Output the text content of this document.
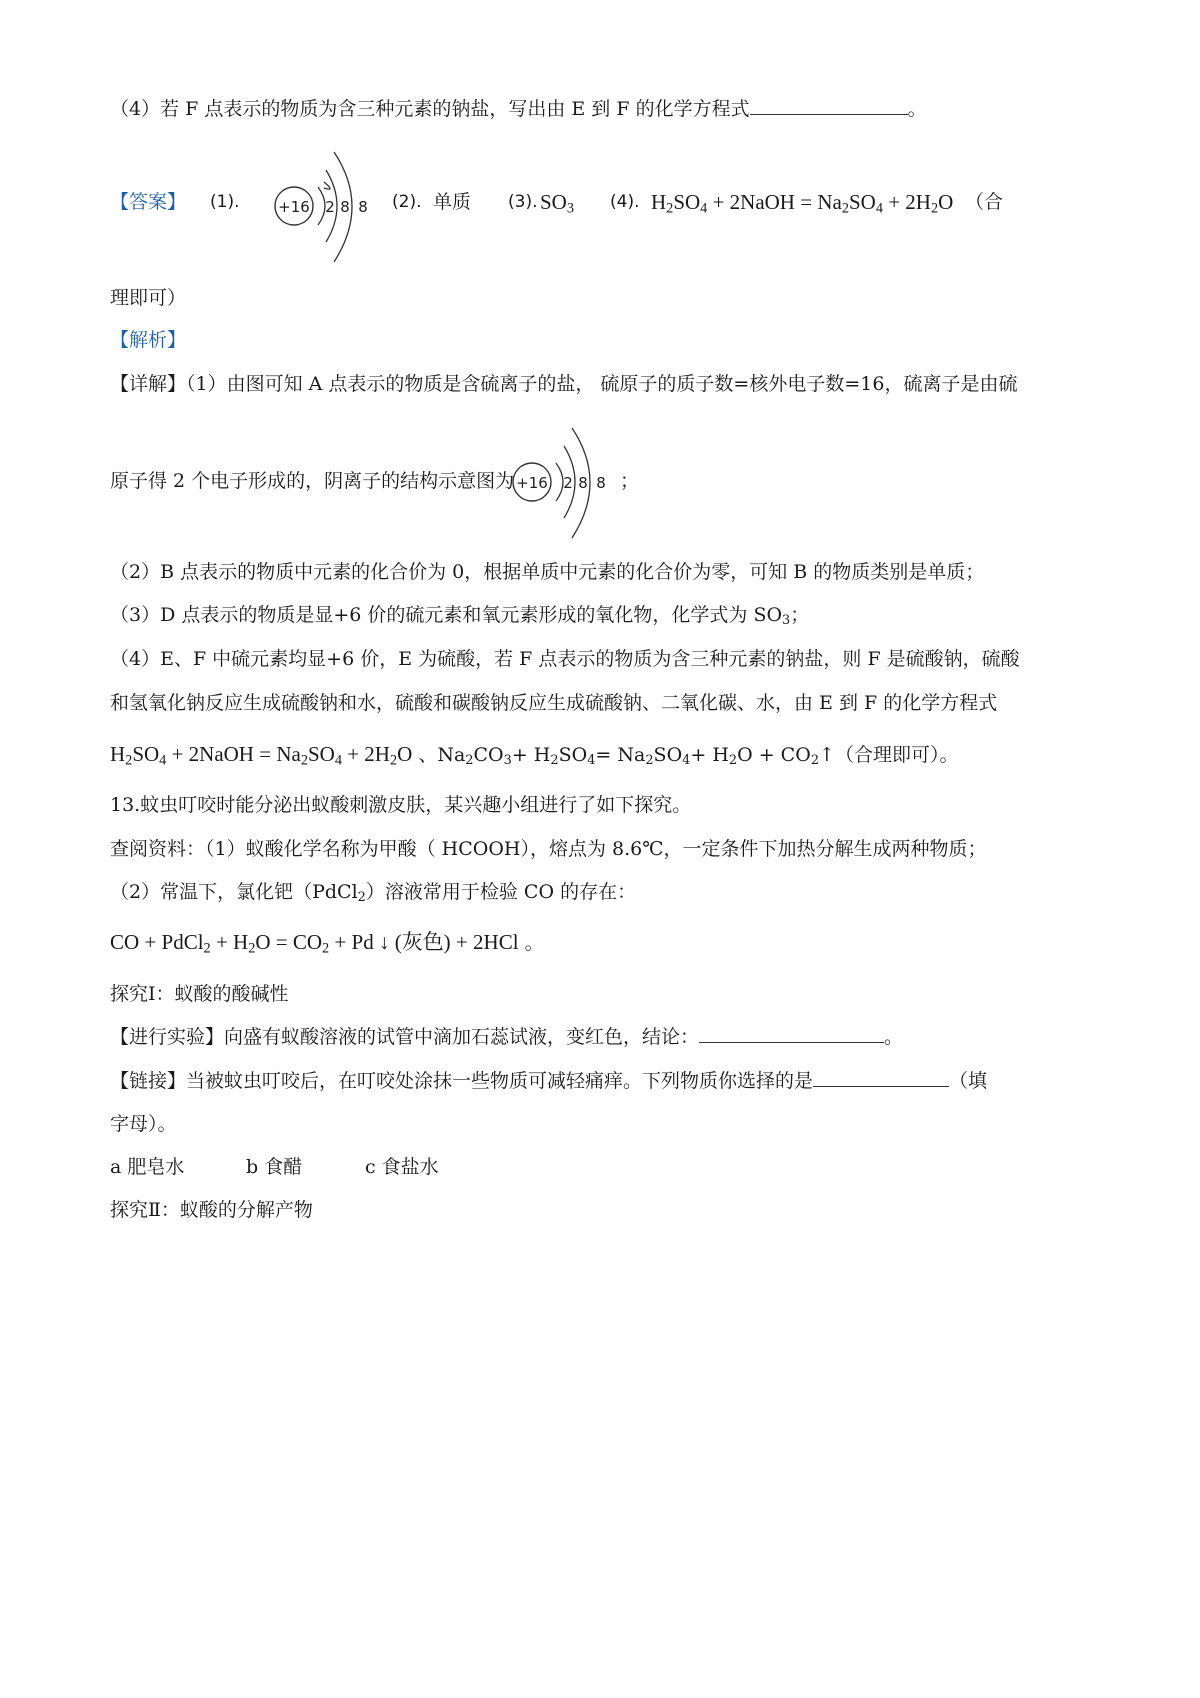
（4）若 F 点表示的物质为含三种元素的钠盐，写出由 E 到 F 的化学方程式	。
【答案】 (1).	(2). 单质 (3). $SO_3$ (4). $H_2SO_4$ + 2NaOH = $Na_2SO_4 + 2H_2O$ （合
+16 2 8 8
理即可）
【解析】
【详解】（1）由图可知 A 点表示的物质是含硫离子的盐， 硫原子的质子数=核外电子数=16，硫离子是由硫
原子得 2 个电子形成的，阴离子的结构示意图为	；
+16 2 8 8
（2）B 点表示的物质中元素的化合价为 0，根据单质中元素的化合价为零，可知 B 的物质类别是单质；
（3）D 点表示的物质是显+6 价的硫元素和氧元素形成的氧化物，化学式为 $SO_3$；
（4）E、F 中硫元素均显+6 价，E 为硫酸，若 F 点表示的物质为含三种元素的钠盐，则 F 是硫酸钠，硫酸
和氢氧化钠反应生成硫酸钠和水，硫酸和碳酸钠反应生成硫酸钠、二氧化碳、水，由 E 到 F 的化学方程式
$H_2SO_4$ + 2NaOH = $Na_2SO_4 + 2H_2O$ 、$Na_2CO_3+ H_2SO_4= Na_2SO_4+ H_2O$ + $CO_2↑$（合理即可）。
13.蚊虫叮咬时能分泌出蚁酸刺激皮肤，某兴趣小组进行了如下探究。
查阅资料：（1）蚁酸化学名称为甲酸（ HCOOH），熔点为 8.6℃，一定条件下加热分解生成两种物质；
（2）常温下，氯化钯（PdCl$_2$）溶液常用于检验 CO 的存在：
CO + PdCl$_2$ + $H_2O = CO_2 + Pd$ ↓ (灰色) + 2HCl 。
探究Ⅰ：蚁酸的酸碱性
【进行实验】向盛有蚁酸溶液的试管中滴加石蕊试液，变红色，结论：	。
【链接】当被蚊虫叮咬后，在叮咬处涂抹一些物质可减轻痛痒。下列物质你选择的是	（填
字母）。
a 肥皂水	b 食醋	c 食盐水
探究Ⅱ：蚁酸的分解产物
